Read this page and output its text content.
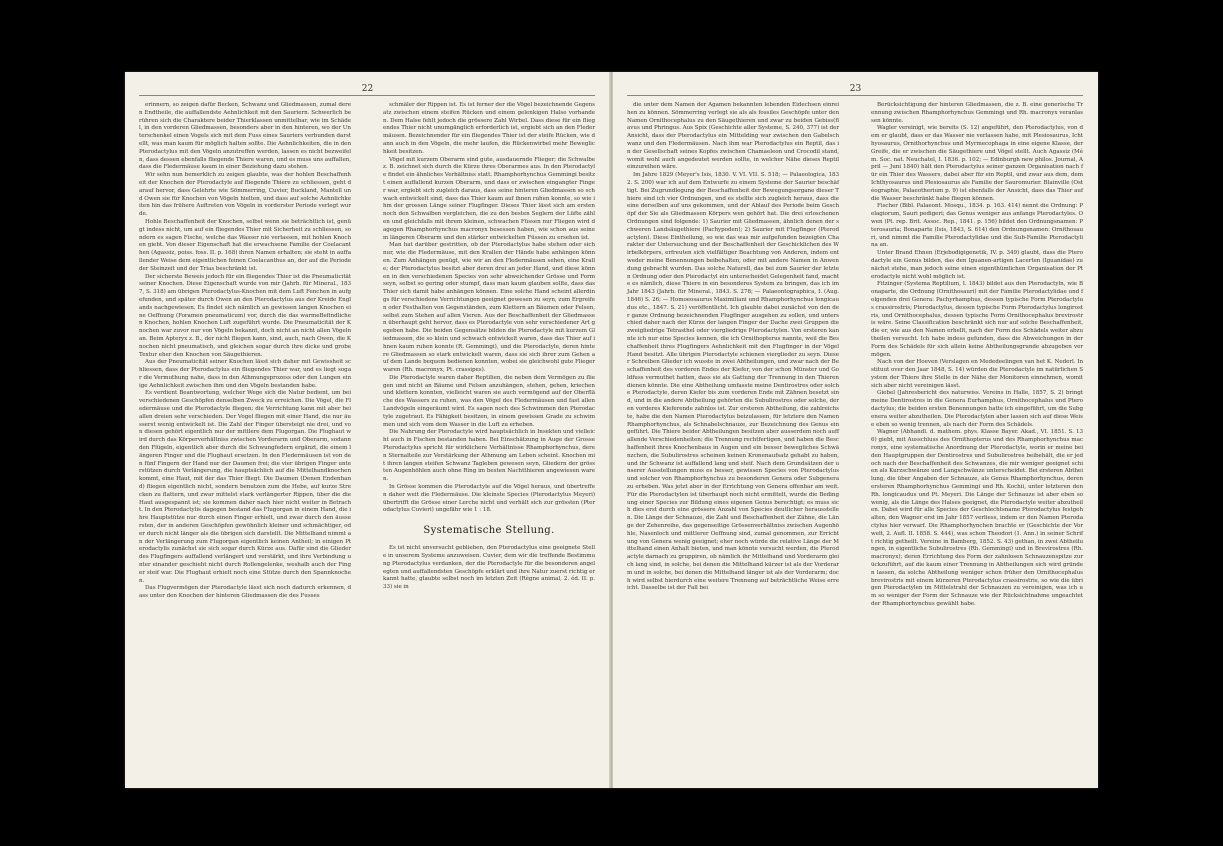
22

erinnern, so zeigen dafür Becken, Schwanz und Gliedmassen, zumal deren Endtheile, die auffallendste Aehnlichkeit mit den Sauriern. Schwerlich berühren sich die Charaktere beider Thierklassen unmittelbar, wie im Schädel, in den vorderen Gliedmassen, besonders aber in den hinteren, wo der Unterschenkel einen Vogels sich mit dem Fuss eines Sauriers verbunden darstellt, was man kaum für möglich halten sollte. Die Aehnlichkeiten, die in den Pterodactylus mit den Vögeln anzutreffen werden, lassen es nicht bezweifeln, dass dessen ebenfalls fliegende Thiere waren, und es muss uns auffallen, dass die Fledermäuse kaum in einer Beziehung dazu stehen.

Wir sehn nun bemerklich zu zeigen glaubte, was der hohlen Beschaffenheit der Knochen der Pterodactyle auf fliegende Thiere zu schliessen, geht darauf hervor, dass Gelehrte wie Sömmerring, Cuvier, Buckland, Mantell und Owen sie für Knochen von Vögeln hielten, und dass auf solche Aehnlichkeiten hin das frühere Auftreten von Vögeln in vorderster Periode verlegt wurde.

Hohle Beschaffenheit der Knochen, selbst wenn sie beträchtlich ist, genügt indess nicht, um auf ein fliegendes Thier mit Sicherheit zu schliessen, sondern es sagen Fische, welche das Wasser nie verlassen, mit hohlen Knochen giebt. Von dieser Eigenschaft hat die erwachsene Familie der Coelacanthen (Agassiz, poiss. foss. II. p. 168) ihren Namen erhalten; sie steht in auffallender Weise dem eigentlichen feinen Coelacanthus an, der auf die Periode der Steinzeit und der Trias beschränkt ist.

Der sicherste Beweis jedoch für ein fliegendes Thier ist die Pneumaticität seiner Knochen. Diese Eigenschaft wurde von mir (Jahrb. für Mineral., 1837, S. 318) am übrigen Pterodactylus-Knochen mit dem Luft Fenchen in aufgefunden, und später durch Owen an den Pterodactylus aus der Kreide Englands nachgewiesen. Es findet sich nämlich an gewissen langen Knochen eine Oeffnung (Foramen pneumaticum) vor, durch die das warmeBefindlichen Knochen, hohlen Knochen Luft zugeführt wurde. Die Pneumaticität der Knochen war zuvor nur von Vögeln bekannt, doch nicht an nicht allen Vögeln an. Beim Apteryx z. B., der nicht fliegen kann, sind, auch, nach Owen, die Knochen nicht pneumatisch, und gleichen sogar durch ihre dicke und grobe Textur eher den Knochen von Säugethieren.

Aus der Pneumaticität seiner Knochen lässt sich daher mit Gewissheit schliessen, dass der Pterodactylus ein fliegendes Thier war, und es liegt sogar die Vermuthung nahe, dass in den Athmungsprozess oder den Lungen einige Aehnlichkeit zwischen ihm und den Vögeln bestanden habe.

Es verdient Beantwortung, welcher Wege sich die Natur bedient, um bei verschiedenen Geschöpfen denselben Zweck zu erreichen. Die Vögel, die Fledermäuse und die Pterodactyle fliegen; die Verrichtung kann mit aber bei allen dreien sehr verschieden. Der Vogel fliegen mit einer Hand, die nur äusserst wenig entwickelt ist. Die Zahl der Finger übersteigt nie drei, und von diesen gehört eigentlich nur der mittlere dem Flugorgan. Die Flughaut wird durch das Körperverhältniss zwischen Vorderarm und Oberarm, sodann den Flügeln, eigentlich aber durch die Schwungfedern ergänzt, die einem längeren Finger und die Flughaut ersetzen. In den Fledermäusen ist von den fünf Fingern der Hand nur der Daumen frei; die vier übrigen Finger unterstützen durch Verlängerung, die hauptsächlich auf die Mittelhandknochen kommt, eine Haut, mit der das Thier fliegt. Die Daumen (Denen Endenhand) fliegen eigentlich nicht, sondern benutzen zum die Hebe, auf kurze Strecken zu flattern, und zwar mittelst stark verlängerter Rippen, über die die Haut ausgespannt ist; sie kommen daher nach hier nicht weiter in Betracht. In den Pterodactylis dagegen bestand das Flugorgan in einem Hand, die ihre Hauptstütze nur durch einen Finger erhielt, und zwar durch den äussersten, der in anderen Geschöpfen gewöhnlich kleiner und schmächtiger, oder durch nicht länger als die übrigen sich darstellt. Die Mittelhand nimmt an der Verlängerung zum Flugorgan eigentlich keinen Antheil; in einigen Pterodactylis zunächst sie sich sogar durch Kürze aus. Dafür sind die Glieder des Flugfingers auffallend verlängert und verstärkt, und ihre Verbindung unter einander geschieht nicht durch Rollengelenke, weshalb auch der Finger steif war. Die Flughaut erhielt noch eine Stütze durch den Spannknochen.

Das Flugvermögen der Pterodactyle lässt sich noch dadurch erkennen, dass unter den Knochen der hinteren Gliedmassen die des Fusses

schmäler der Rippen ist. Es ist ferner der die Vögel bezeichnende Gegensatz zwischen einem steifen Rücken und einem gelenkigen Halse vorhanden. Dem Halse fehlt jedoch die grössere Zahl Wirbel. Dass diese für ein fliegendes Thier nicht unumgänglich erforderlich ist, ergiebt sich an den Fledermäusen. Bezeichnender für ein fliegendes Thier ist der steife Rücken, wie dann auch in den Vögeln, die mehr laufen, die Rückenwirbel mehr Beweglichkeit besitzen.

Vögel mit kurzem Oberarm sind gute, ausdauernde Flieger; die Schwalbe z. B. zeichnet sich durch die Kürze ihres Oberarmes aus. In den Pterodactyle findet ein ähnliches Verhältniss statt. Rhamphorhynchus Gemmingi besitzt einen auffallend kurzen Oberarm, und dass er zwischen eingangter Finger war, ergiebt sich zugleich daraus, dass seine hinteren Gliedmassen so schwach entwickelt sind, dass das Thier kaum auf ihnen ruhen konnte, so wie ihm der grossen Länge seiner Flugfinger. Dieses Thier lässt sich am ersten noch den Schwalben vergleichen, die zu den besten Seglern der Lüfte zählen und gleichfalls mit ihrem kleinen, schwachen Füssen nur Fliegen wird dagegen Rhamphorhynchus macronyx besessen haben, wie schon aus seinem längeren Oberarm und den stärker entwickelten Füssen zu ersehen ist.

Man hat darüber gestritten, ob der Pterodactylus habe stehen oder sich nur, wie die Fledermäuse, mit den Krallen der Hände habe anhängen können. Zum Anhängen genügt, wie wir an den Fledermäusen sehen, eine Kralle; der Pterodactylus besitzt aber deren drei an jeder Hand, und diese können in den verschiedenen Species von sehr abweichender Grösse und Form seyn, selbst so gering oder stumpf, dass man kaum glauben sollte, dass das Thier sich damit habe anhängen können. Eine solche Hand scheint allerdings für verschiedene Verrichtungen geeignet gewesen zu seyn, zum Ergreifen oder Festhalten von Gegenständen, zum Klettern an Bäumen oder Felsen, selbst zum Stehen auf allen Vieren. Aus der Beschaffenheit der Gliedmassen überhaupt geht hervor, dass es Pterodactyle von sehr verschiedener Art gegeben habe. Die beiden Gegensätze bilden die Pterodactyle mit kurzem Gliedmassen, die so klein und schwach entwickelt waren, dass das Thier auf ihnen kaum ruhen konnte (R. Gemmingi), und die Pterodactyle, deren hintere Gliedmassen so stark entwickelt waren, dass sie sich ihrer zum Gehen auf dem Lande bequem bedienen konnten, wobei sie gleichwohl gute Flieger waren (Rh. macronyx, Pt. crassipes).

Die Pterodactyle waren daher Reptilien, die neben dem Vermögen zu fliegen und nicht an Bäume und Felsen anzuhängen, stehen, gehen, kriechen und klettern konnten, vielleicht waren sie auch vermögend auf der Oberfläche des Wassers zu ruhen, was den Vögel des Fledermäusen und fast allen Landvögeln eingeräumt wird. Es sagen noch des Schwimmen den Pterodactyle zugetraut. Es Fähigkeit besitzen, in einem gewissen Grade zu schwimmen und sich vom dem Wasser in die Luft zu erheben.

Die Nahrung der Pterodactyle wird hauptsächlich in Insekten und vielleicht auch in Fischen bestanden haben. Bei Einschätzung in Auge der Grosse Pterodactylus spricht für wirklichere Verhältnisse Rhamphorhynchus, deren Sternalteile zur Verstärkung der Athmung am Leben scheint. Knochen mit ihren langen steifen Schwanz Tagleben gewesen seyn, Gliedern der grössten Augenhöhlen auch ohne Ring im besten Nachtthieren angewiesen waren.

In Grösse kommen die Pterodactyle auf die Vögel heraus, und übertreffen daher weit die Fledermäuse. Die kleinste Species (Pterodactylus Meyeri) übertrifft die Grösse einer Lerche nicht und verhält sich zur grössten (Pterodactylus Cuvieri) ungefähr wie 1 : 18.

Systematische Stellung.

Es ist nicht unversucht geblieben, den Pterodactylus eine geeignete Stelle in unserem Systeme anzuweisen. Cuvier, dem wir die treffende Bestimmung Pterodactylus verdanken, der die Pterodactyle für die besonderen angelegten und auffallendsten Geschöpfe erklärt und ihre Natur zuerst richtig erkannt hatte, glaubte selbst noch im letzten Zeit (Règne animal, 2. éd. II. p. 33) sie in

23

die unter dem Namen der Agamen bekannten lebenden Eidechsen einreihen zu können. Sömmerring verlegt sie als als fossiles Geschöpfe unter den Namen Ornithocephalus zu den Säugethieren und zwar zu beiden Gebiss(flavus und Phringus. Aus Spix (Geschichte aller Systeme, S. 240, 377) ist der Ansicht, dass der Pterodactylus ein Mittelding war zwischen den Gabelschwanz und den Fledermäusen. Nach ihm war Pterodactylus ein Reptil, das in der Gesellschaft seines Kopfes zwischen Chamaeleon und Crocodil stand, womit wohl auch angedeutet werden sollte, in welcher Nähe dieses Reptil einzureihen wäre.

Im Jahre 1829 (Meyer's Isis, 1830. V. VI. VII. S. 518; — Palaeologica, 1832. S. 200) war ich auf dem Entwurfe zu einem Systeme der Saurier beschäftigt. Bei Zugrundlegung der Beschaffenheit der Bewegungsorgane dieser Thiere sind ich vier Ordnungen, und es stellte sich zugleich heraus, dass die eine derselben auf uns gekommen, und der Ablauf des Periode beim Geschöpf der Sie als Gliedmassen Körpers wen gehört hat. Die drei erloschenen Ordnungen sind folgende: 1) Saurier mit Gliedmassen, ähnlich denen der schweren Landsäugethiere (Pachypoden); 2) Saurier mit Flugfinger (Pterodactylen). Diese Eintheilung, so wie das was mir aufgefunden bezeigten Charakter der Untersuchung und der Beschaffenheit der Geschicklichen des Wirbelkörpers, erfreuten sich vielfältiger Beachtung von Anderen, indem entweder meine Benennungen beibehalten, oder mit andere Namen in Anwendung gebracht wurden. Das solche Naturell, das bei zum Saurier der letzten Ordnung oder den Pterodactyl ein unterscheidet Gelegenheit fand, machte es nämlich, diese Thiere in ein besonderes System zu bringen, das ich im Jahr 1843 (Jahrb. für Mineral., 1843. S. 278; — Palaeontographica, I. (Aug. 1846) S. 26; — Homoeosaurus Maximiliani und Rhamphorhynchus longicaudus etc., 1847. S. 21) veröffentlicht. Ich glaubte dabei zunächst von den der ganze Ordnung bezeichnenden Flugfinger ausgehen zu sollen, und unterschied daher nach der Kürze der langen Finger der Dache zwei Gruppen die zweigliedrige Tetrasthel oder viergliedrige Pterodactylen. Von ersteren kannte ich nur eine Species kennen, die ich Ornithopterus nannte, weil die Beschaffenheit ihres Flugfingers Aehnlichkeit mit den Flugfinger in der Vögel Hand besitzt. Alle übrigen Pterodactyle schienen vierglieder zu seyn. Dieser Schreiben Glieder ich wusste in zwei Abtheilungen, und zwar nach der Beschaffenheit des vorderen Endes der Kiefer, von der schon Münster und Goldfuss vermuthet hatten, dass sie als Gattung der Trennung in den Thieren dienen könnte. Die eine Abtheilung umfasste meine Dentirostres oder solche Pterodactyle, deren Kiefer bis zum vorderen Ende mit Zähnen besetzt sind, und in die andere Abtheilung gehörten die Subulirostres oder solche, deren vorderes Kieferende zahnlos ist. Zur ersteren Abtheilung, die zahlreichste, habe die den Namen Pterodactylus beizulassen, für letztere den Namen Rhamphorhynchus, als Schnabelschnauze, zur Bezeichnung des Genus eingeführt. Die Thiere beider Abtheilungen besitzen aber ausserdem noch auffallende Verschiedenheiten; die Trennung rechtfertigen, und haben die Beschaffenheit ihres Knochenbaus in Augen und ein besser bewegliches Schwänzchen, die Subulirostres scheinen keinen Kronenaufsatz gehabt zu haben, und ihr Schwanz ist auffallend lang und steif. Nach dem Grundsätzen der unserer Ausstellungen muss es besser, gewissen Species von Pterodactylus und solcher von Rhamphorhynchus zu besonderen Genera oder Subgenera zu erheben. Was jetzt aber in der Errichtung von Genera offenbar am weit. Für die Pterodactylen ist überhaupt noch nicht ermittelt, wurde die Bedingung einer Species zur Bildung eines eigenen Genus berechtigt; es muss sich dies erst durch eine grössere Anzahl von Species deutlicher herausstellen. Die Länge der Schnauze, die Zahl und Beschaffenheit der Zähne, die Länge der Zehenreihe, das gegenseitige Grössenverhältniss zwischen Augenhöhle, Nasenloch und mittlerer Oeffnung sind, zumal genommen, zur Errichtung von Genera wenig geeignet; eher noch würde die relative Länge der Mittelhand einen Anhalt bieten, und man könnte versucht werden, die Pterodactyle darnach zu gruppiren, ob nämlich ihr Mittelhand und Vorderarm gleich lang sind, in solche, bei denen die Mittelhand kürzer ist als der Vorderarm und in solche, bei denen die Mittelhand länger ist als der Vorderarm; doch wird selbst hierdurch eine weitere Trennung auf beträchtliche Weise erreicht. Dasselbe ist der Fall bei

Berücksichtigung der hinteren Gliedmassen, die z. B. eine generische Trennung zwischen Rhamphorhynchus Gemmingi und Rh. macronyx veranlassen könnte.

Wagler vereinigt, wie bereits (S. 12) angeführt, den Pterodactylus, von dem er glaubt, dass er das Wasser nie verlassen habe, mit Plesiosaurus, Ichthyosaurus, Ornithorhynchus und Myrmecophaga in eine eigene Klasse, der Greife, die er zwischen die Säugethiere und Vögel stellt. Auch Agassiz (Mém. Soc. nat. Neuchatel, I. 1836. p. 102; — Edinburgh new philos. Journal, April — Juni 1840) hält den Pterodactylus seiner ganzen Organisation nach für ein Thier des Wassers, dabei aber für ein Reptil, und zwar aus dem, dem Ichthyosaurus und Plesiosaurus als Familie der Sauromurier. Blainville (Ostéographie, Palaeotherium p. 9) ist ebenfalls der Ansicht, dass das Thier auf die Wasser beschränkt habe fliegen können.

Fischer (Bibl. Palaeont. Mosqu., 1834. p. 163. 414) nennt die Ordnung: Pelagiorum, Sauri pedigeri; das Genus weniger aus anfangs Pterodactyles. Owen (Pt. rep. Brit. Assoc. Rep., 1841. p. 156) bildet den Ordnungsnamen: Pterosauria; Bonaparte (Isis, 1843, S. 614) den Ordnungsnamen: Ornithosauri, und nimmt die Familie Pterodactylidae und die Sub-Familie Pterodactylina an.

Unter Brand Ehnen (Erjebodigigenetik, IV. p. 349) glaubt, dass die Pterodactyle ein Genus bilden, das den Iguanen-artigen Lacerten (Iguanidae) zunächst stehe, man jedoch seine einen eigenthümlichen Organisation der Pterodactyle nicht wohl möglich ist.

Fitzinger (Systema Reptilium, I. 1843) bildet aus den Pterodactyln, wie Bonaparte, die Ordnung (Ornithosauri) mit der Familie Pterodactylidae und folgenden drei Genera: Pachyrhamphus, dessen typische Form Pterodactylus crassirostris; Pterodactylus, dessen typische Form Pterodactylus longirostris, und Ornithocephalus, dessen typische Form Ornithocephalus brevirostris wäre. Seine Classification beschränkt sich nur auf solche Beschaffenheit, die er, wie aus den Namen erhellt, nach der Form des Schädels weiter abzutheilen versucht. Ich habe indess gefunden, dass die Abweichungen in der Form des Schädels für sich allein keine Abtheilungsgrunde abzugeben vermögen.

Nach von der Hoeven (Verslagen en Mededeelingen van het K. Nederl. Instituut over den Jaar 1848, S. 14) würden die Pterodactyle im natürlichen System der Thiere ihre Stelle in der Nähe der Monitoren einnehmen, womit sich aber nicht vereinigen lässt.

Giebel (Jahresbericht des naturwiss. Vereins in Halle, 1857, S. 2) bringt meine Dentirostres in die Genera Eurhamphus, Ornithocephalus und Pterodactylus; die beiden ersten Benennungen hatte ich eingeführt, um die Subgenera weiter abzutheilen. Die Pterodactylen aber lassen sich auf diese Weise eben so wenig trennen, als nach der Form des Schädels.

Wagner (Abhandl. d. mathem. phys. Klasse Bayer. Akad., VI. 1851. S. 136) giebt, mit Ausschluss des Ornithopterus und des Rhamphorhynchus macronyx, eine systematische Anordnung der Pterodactyle, worin er meine beiden Hauptgruppen der Dentirostres und Subulirostres beibehält, die er jedoch nach der Beschaffenheit des Schwanzes, die mir weniger geeignet schien als Kurzschwänze und Langschwänze unterscheidet. Bei ersteren Abtheilung, die über Angaben der Schnauze, als Genus Rhamphorhynchus, deren ersteren Rhamphorhynchus Gemmingi und Rh. Kochii, unter letzteren den Rh. longicaudus und Pt. Meyeri. Die Länge der Schnauze ist aber eben so wenig, als die Länge des Halses geeignet, die Pterodactyle weiter abzutheilen. Dabei wird für alle Species der Geschlechtsname Pterodactylus festgehalten, den Wagner erst im Jahr 1857 verliess, indem er den Namen Pterodactylus hier verwarf. Die Rhamphorhynchen brachte er (Geschichte der Vorwelt, 2. Aufl. II. 1858. S. 444), was schon Theodori (1. Ann.) in seiner Schrift richtig getheilt. Vereine in Bamberg, 1852. S. 43) gethan, in zwei Abtheilungen, in eigentliche Subulirostres (Rh. Gemmingi) und in Brevirostres (Rh. macronyx); deren Errichtung des Form der zahnlosen Schnauzenspitze zurückzuführt, auf die kaum einer Trennung in Abtheilungen sich wird gründen lassen, da solche Abtheilung weniger schon früher den Ornithocephalus brevirostris mit einem kürzeren Pterodactylus crassirostris, so wie die übrigen Pterodactylen im Mittelstrahl der Schnauzen zu vereinigen, was ich um so weniger der Form der Schnauze wie der Rücksichtnahme ungeachtet der Rhamphorhynchus gewählt habe.
